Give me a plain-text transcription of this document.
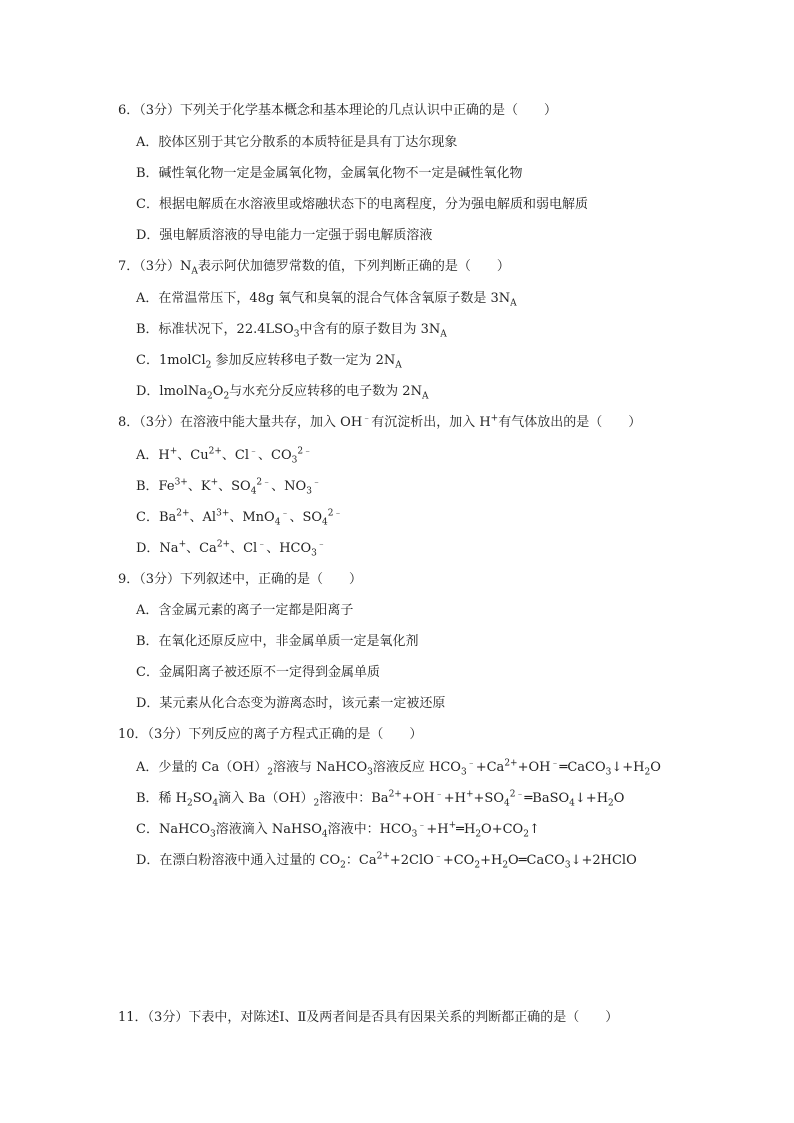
6．（3分）下列关于化学基本概念和基本理论的几点认识中正确的是（　　）
A．胶体区别于其它分散系的本质特征是具有丁达尔现象
B．碱性氧化物一定是金属氧化物，金属氧化物不一定是碱性氧化物
C．根据电解质在水溶液里或熔融状态下的电离程度，分为强电解质和弱电解质
D．强电解质溶液的导电能力一定强于弱电解质溶液
7．（3分）$N_A$表示阿伏加德罗常数的值，下列判断正确的是（　　）
A．在常温常压下，48g 氧气和臭氧的混合气体含氧原子数是 $3N_A$
B．标准状况下，$22.4LSO_3$中含有的原子数目为 $3N_A$
C．1molCl$_2$ 参加反应转移电子数一定为 $2N_A$
D．$lmolNa_2O_2$与水充分反应转移的电子数为 $2N_A$
8．（3分）在溶液中能大量共存，加入 OH﹣有沉淀析出，加入 H+有气体放出的是（　　）
A．H+、$Cu^{2+}$、Cl﹣、$CO_3^{2﹣}$
B．$Fe^{3+}$、K+、$SO_4^{2﹣}$、$NO_3^﹣$
C．$Ba^{2+}$、$Al^{3+}$、MnO$_4$﹣、$SO_4^{2﹣}$
D．Na+、$Ca^{2+}$、Cl﹣、$HCO_3^﹣$
9．（3分）下列叙述中，正确的是（　　）
A．含金属元素的离子一定都是阳离子
B．在氧化还原反应中，非金属单质一定是氧化剂
C．金属阳离子被还原不一定得到金属单质
D．某元素从化合态变为游离态时，该元素一定被还原
10．（3分）下列反应的离子方程式正确的是（　　）
A．少量的 $Ca(OH)_2$溶液与 NaHCO$_3$溶液反应 $HCO_3^﹣+Ca^{2+}+OH^﹣═CaCO_3↓+H_2O$
B．稀 $H_2SO_4$滴入 $Ba(OH)_2$溶液中：$Ba^{2+}+OH^﹣+H^++SO_4^{2﹣}═BaSO_4↓+H_2O$
C．NaHCO$_3$溶液滴入 NaHSO$_4$溶液中：$HCO_3^﹣+H^+═H_2O+CO_2↑$
D．在漂白粉溶液中通入过量的 $CO_2$：$Ca^{2+}+2ClO^﹣+CO_2+H_2O═CaCO_3↓+2HClO$
11．（3分）下表中，对陈述Ⅰ、Ⅱ及两者间是否具有因果关系的判断都正确的是（　　）
